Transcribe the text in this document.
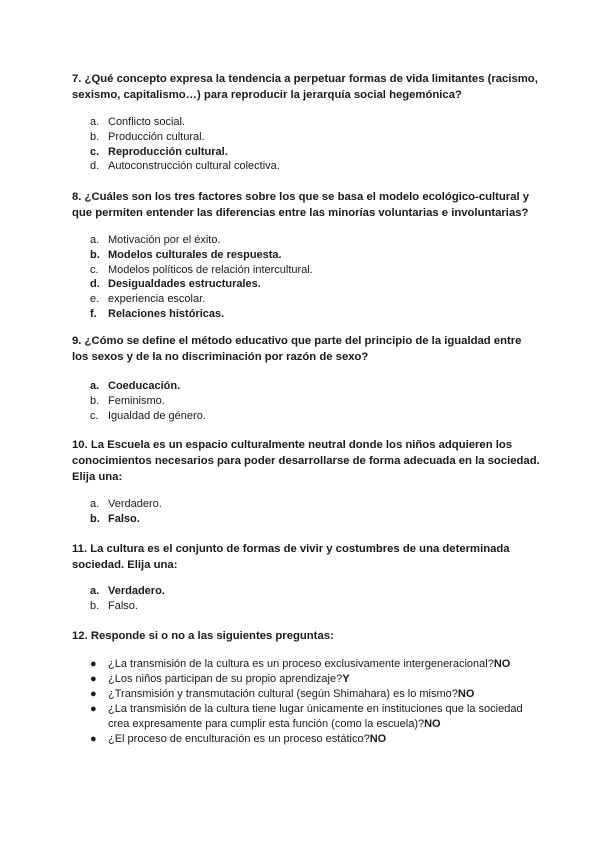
7. ¿Qué concepto expresa la tendencia a perpetuar formas de vida limitantes (racismo, sexismo, capitalismo…) para reproducir la jerarquía social hegemónica?
a. Conflicto social.
b. Producción cultural.
c. Reproducción cultural.
d. Autoconstrucción cultural colectiva.
8. ¿Cuáles son los tres factores sobre los que se basa el modelo ecológico-cultural y que permiten entender las diferencias entre las minorías voluntarias e involuntarias?
a. Motivación por el éxito.
b. Modelos culturales de respuesta.
c. Modelos políticos de relación intercultural.
d. Desigualdades estructurales.
e. experiencia escolar.
f.	Relaciones históricas.
9. ¿Cómo se define el método educativo que parte del principio de la igualdad entre los sexos y de la no discriminación por razón de sexo?
a. Coeducación.
b. Feminismo.
c. Igualdad de género.
10. La Escuela es un espacio culturalmente neutral donde los niños adquieren los conocimientos necesarios para poder desarrollarse de forma adecuada en la sociedad. Elija una:
a. Verdadero.
b. Falso.
11. La cultura es el conjunto de formas de vivir y costumbres de una determinada sociedad. Elija una:
a. Verdadero.
b. Falso.
12. Responde si o no a las siguientes preguntas:
●	¿La transmisión de la cultura es un proceso exclusivamente intergeneracional?NO
●	¿Los niños participan de su propio aprendizaje?Y
●	¿Transmisión y transmutación cultural (según Shimahara) es lo mismo?NO
●	¿La transmisión de la cultura tiene lugar únicamente en instituciones que la sociedad crea expresamente para cumplir esta función (como la escuela)?NO
●	¿El proceso de enculturación es un proceso estático?NO
